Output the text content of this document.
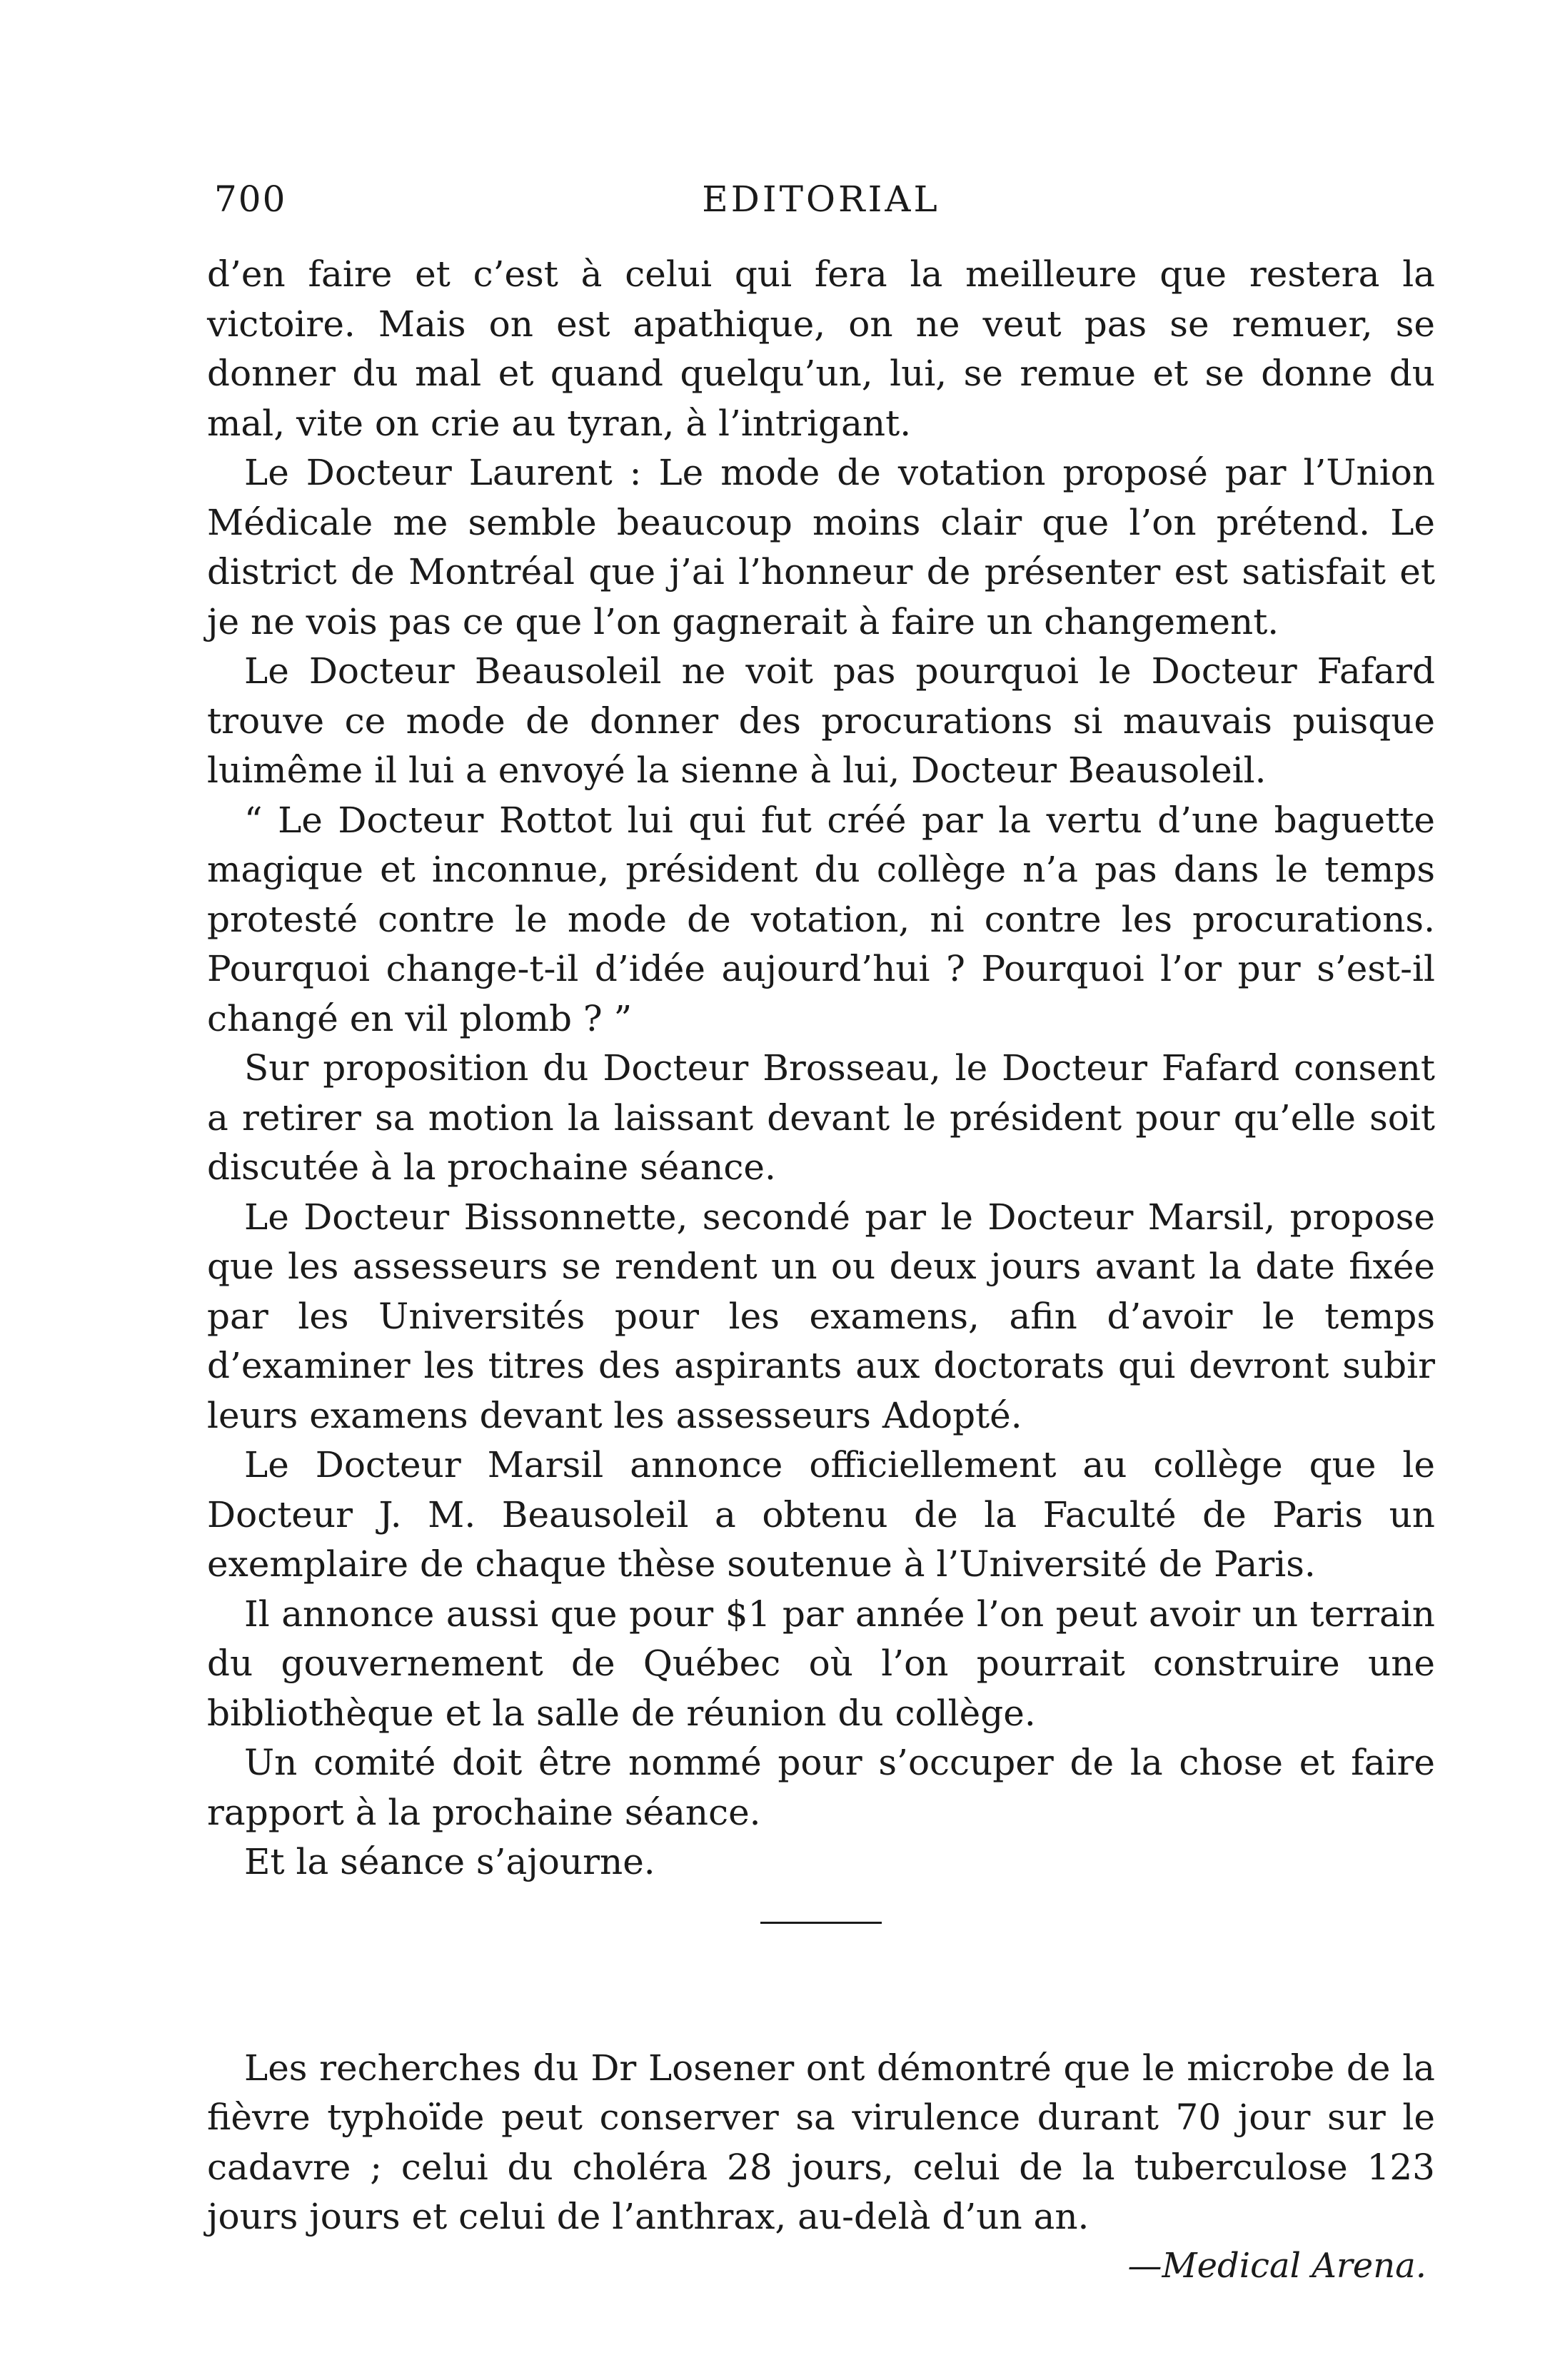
700	EDITORIAL

d’en faire et c’est à celui qui fera la meilleure que restera la victoire. Mais on est apathique, on ne veut pas se remuer, se donner du mal et quand quelqu’un, lui, se remue et se donne du mal, vite on crie au tyran, à l’intrigant.

Le Docteur Laurent : Le mode de votation proposé par l’Union Médicale me semble beaucoup moins clair que l’on prétend. Le district de Montréal que j’ai l’honneur de présenter est satisfait et je ne vois pas ce que l’on gagnerait à faire un changement.

Le Docteur Beausoleil ne voit pas pourquoi le Docteur Fafard trouve ce mode de donner des procurations si mauvais puisque luimême il lui a envoyé la sienne à lui, Docteur Beausoleil.

“ Le Docteur Rottot lui qui fut créé par la vertu d’une baguette magique et inconnue, président du collège n’a pas dans le temps protesté contre le mode de votation, ni contre les procurations. Pourquoi change-t-il d’idée aujourd’hui ? Pourquoi l’or pur s’est-il changé en vil plomb ? ”

Sur proposition du Docteur Brosseau, le Docteur Fafard consent a retirer sa motion la laissant devant le président pour qu’elle soit discutée à la prochaine séance.

Le Docteur Bissonnette, secondé par le Docteur Marsil, propose que les assesseurs se rendent un ou deux jours avant la date fixée par les Universités pour les examens, afin d’avoir le temps d’examiner les titres des aspirants aux doctorats qui devront subir leurs examens devant les assesseurs Adopté.

Le Docteur Marsil annonce officiellement au collège que le Docteur J. M. Beausoleil a obtenu de la Faculté de Paris un exemplaire de chaque thèse soutenue à l’Université de Paris.

Il annonce aussi que pour $1 par année l’on peut avoir un terrain du gouvernement de Québec où l’on pourrait construire une bibliothèque et la salle de réunion du collège.

Un comité doit être nommé pour s’occuper de la chose et faire rapport à la prochaine séance.

Et la séance s’ajourne.

Les recherches du Dr Losener ont démontré que le microbe de la fièvre typhoïde peut conserver sa virulence durant 70 jour sur le cadavre ; celui du choléra 28 jours, celui de la tuberculose 123 jours jours et celui de l’anthrax, au-delà d’un an.

—Medical Arena.
